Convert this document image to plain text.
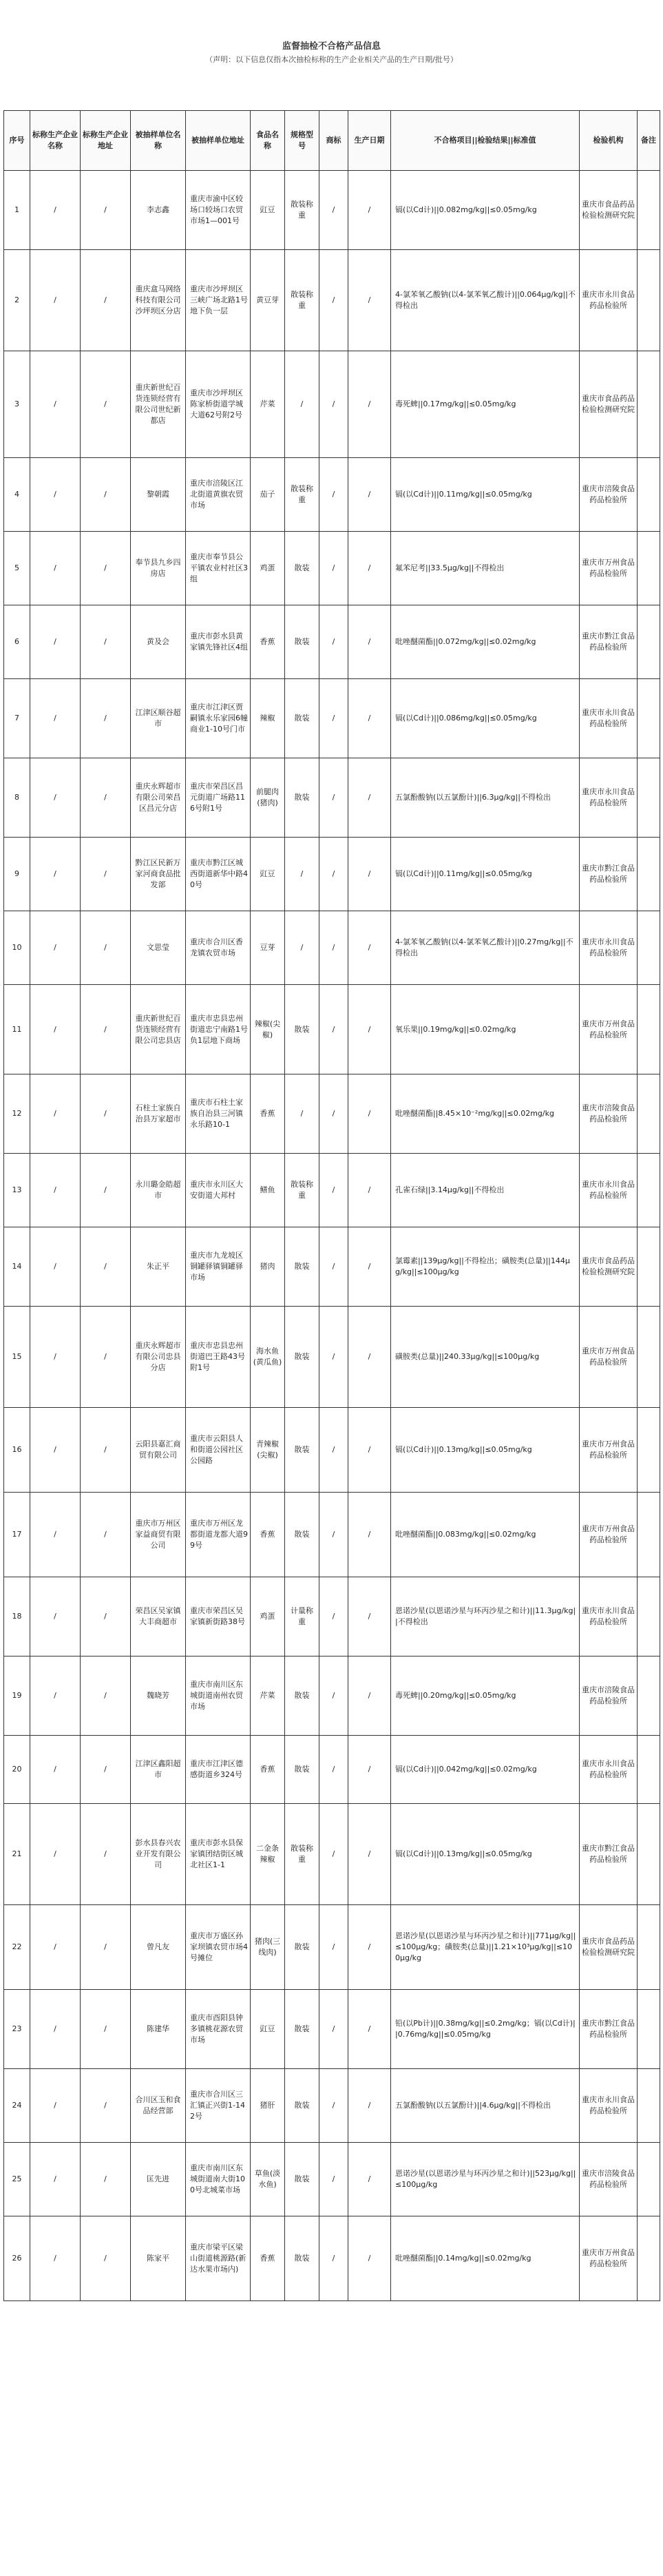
监督抽检不合格产品信息
（声明：以下信息仅指本次抽检标称的生产企业相关产品的生产日期/批号）
序号	标称生产企业名称	标称生产企业地址	被抽样单位名称	被抽样单位地址	食品名称	规格型号	商标	生产日期	不合格项目||检验结果||标准值	检验机构	备注
1	/	/	李志鑫	重庆市渝中区较场口较场口农贸市场1—001号	豇豆	散装称重	/	/	镉(以Cd计)||0.082mg/kg||≤0.05mg/kg	重庆市食品药品检验检测研究院	
2	/	/	重庆盒马网络科技有限公司沙坪坝区分店	重庆市沙坪坝区三峡广场北路1号地下负一层	黄豆芽	散装称重	/	/	4-氯苯氧乙酸钠(以4-氯苯氧乙酸计)||0.064μg/kg||不得检出	重庆市永川食品药品检验所	
3	/	/	重庆新世纪百货连锁经营有限公司世纪新都店	重庆市沙坪坝区陈家桥街道学城大道62号附2号	芹菜	/	/	/	毒死蜱||0.17mg/kg||≤0.05mg/kg	重庆市食品药品检验检测研究院	
4	/	/	黎朝霞	重庆市涪陵区江北街道黄旗农贸市场	茄子	散装称重	/	/	镉(以Cd计)||0.11mg/kg||≤0.05mg/kg	重庆市涪陵食品药品检验所	
5	/	/	奉节县九乡四房店	重庆市奉节县公平镇农业村社区3组	鸡蛋	散装	/	/	氟苯尼考||33.5μg/kg||不得检出	重庆市万州食品药品检验所	
6	/	/	黄及会	重庆市彭水县黄家镇先锋社区4组	香蕉	散装	/	/	吡唑醚菌酯||0.072mg/kg||≤0.02mg/kg	重庆市黔江食品药品检验所	
7	/	/	江津区顺谷超市	重庆市江津区贾嗣镇永乐家园6幢商业1-10号门市	辣椒	散装	/	/	镉(以Cd计)||0.086mg/kg||≤0.05mg/kg	重庆市永川食品药品检验所	
8	/	/	重庆永辉超市有限公司荣昌区昌元分店	重庆市荣昌区昌元街道广场路116号附1号	前腿肉(猪肉)	散装	/	/	五氯酚酸钠(以五氯酚计)||6.3μg/kg||不得检出	重庆市永川食品药品检验所	
9	/	/	黔江区民新万家河商食品批发部	重庆市黔江区城西街道新华中路40号	豇豆	/	/	/	镉(以Cd计)||0.11mg/kg||≤0.05mg/kg	重庆市黔江食品药品检验所	
10	/	/	文思莹	重庆市合川区香龙镇农贸市场	豆芽	/	/	/	4-氯苯氧乙酸钠(以4-氯苯氧乙酸计)||0.27mg/kg||不得检出	重庆市永川食品药品检验所	
11	/	/	重庆新世纪百货连锁经营有限公司忠县店	重庆市忠县忠州街道忠宁南路1号负1层地下商场	辣椒(尖椒)	散装	/	/	氧乐果||0.19mg/kg||≤0.02mg/kg	重庆市万州食品药品检验所	
12	/	/	石柱土家族自治县万家超市	重庆市石柱土家族自治县三河镇永乐路10-1	香蕉	/	/	/	吡唑醚菌酯||8.45×10⁻²mg/kg||≤0.02mg/kg	重庆市涪陵食品药品检验所	
13	/	/	永川璐金皓超市	重庆市永川区大安街道大邦村	鳝鱼	散装称重	/	/	孔雀石绿||3.14μg/kg||不得检出	重庆市永川食品药品检验所	
14	/	/	朱正平	重庆市九龙坡区铜罐驿镇铜罐驿市场	猪肉	散装	/	/	氯霉素||139μg/kg||不得检出；磺胺类(总量)||144μg/kg||≤100μg/kg	重庆市食品药品检验检测研究院	
15	/	/	重庆永辉超市有限公司忠县分店	重庆市忠县忠州街道巴王路43号附1号	海水鱼(黄瓜鱼)	散装	/	/	磺胺类(总量)||240.33μg/kg||≤100μg/kg	重庆市万州食品药品检验所	
16	/	/	云阳县嘉汇商贸有限公司	重庆市云阳县人和街道公园社区公园路	青辣椒(尖椒)	散装	/	/	镉(以Cd计)||0.13mg/kg||≤0.05mg/kg	重庆市万州食品药品检验所	
17	/	/	重庆市万州区家益商贸有限公司	重庆市万州区龙都街道龙都大道99号	香蕉	散装	/	/	吡唑醚菌酯||0.083mg/kg||≤0.02mg/kg	重庆市万州食品药品检验所	
18	/	/	荣昌区吴家镇大丰商超市	重庆市荣昌区吴家镇新街路38号	鸡蛋	计量称重	/	/	恩诺沙星(以恩诺沙星与环丙沙星之和计)||11.3μg/kg||不得检出	重庆市永川食品药品检验所	
19	/	/	魏晓芳	重庆市南川区东城街道南州农贸市场	芹菜	散装	/	/	毒死蜱||0.20mg/kg||≤0.05mg/kg	重庆市涪陵食品药品检验所	
20	/	/	江津区鑫阳超市	重庆市江津区德感街道乡324号	香蕉	散装	/	/	镉(以Cd计)||0.042mg/kg||≤0.02mg/kg	重庆市永川食品药品检验所	
21	/	/	彭水县春兴农业开发有限公司	重庆市彭水县保家镇团结街区城北社区1-1	二金条辣椒	散装称重	/	/	镉(以Cd计)||0.13mg/kg||≤0.05mg/kg	重庆市黔江食品药品检验所	
22	/	/	曾凡友	重庆市万盛区孙家坝镇农贸市场4号摊位	猪肉(三线肉)	散装	/	/	恩诺沙星(以恩诺沙星与环丙沙星之和计)||771μg/kg||≤100μg/kg；磺胺类(总量)||1.21×10³μg/kg||≤100μg/kg	重庆市食品药品检验检测研究院	
23	/	/	陈建华	重庆市酉阳县钟多镇桃花源农贸市场	豇豆	散装	/	/	铅(以Pb计)||0.38mg/kg||≤0.2mg/kg；镉(以Cd计)||0.76mg/kg||≤0.05mg/kg	重庆市黔江食品药品检验所	
24	/	/	合川区玉和食品经营部	重庆市合川区三汇镇正兴街1-142号	猪肝	散装	/	/	五氯酚酸钠(以五氯酚计)||4.6μg/kg||不得检出	重庆市永川食品药品检验所	
25	/	/	匡先进	重庆市南川区东城街道南大街100号北城菜市场	草鱼(淡水鱼)	散装	/	/	恩诺沙星(以恩诺沙星与环丙沙星之和计)||523μg/kg||≤100μg/kg	重庆市涪陵食品药品检验所	
26	/	/	陈家平	重庆市梁平区梁山街道桃源路(新达水果市场内)	香蕉	散装	/	/	吡唑醚菌酯||0.14mg/kg||≤0.02mg/kg	重庆市万州食品药品检验所	
